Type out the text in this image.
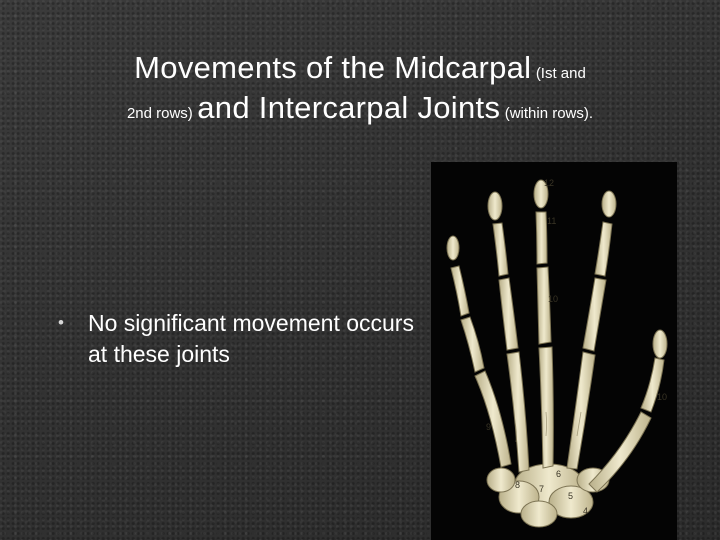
Movements of the Midcarpal (Ist and
2nd rows) and Intercarpal Joints (within rows).
• No significant movement occurs at these joints
12
11
10
10
9
8 7
6
5
4
